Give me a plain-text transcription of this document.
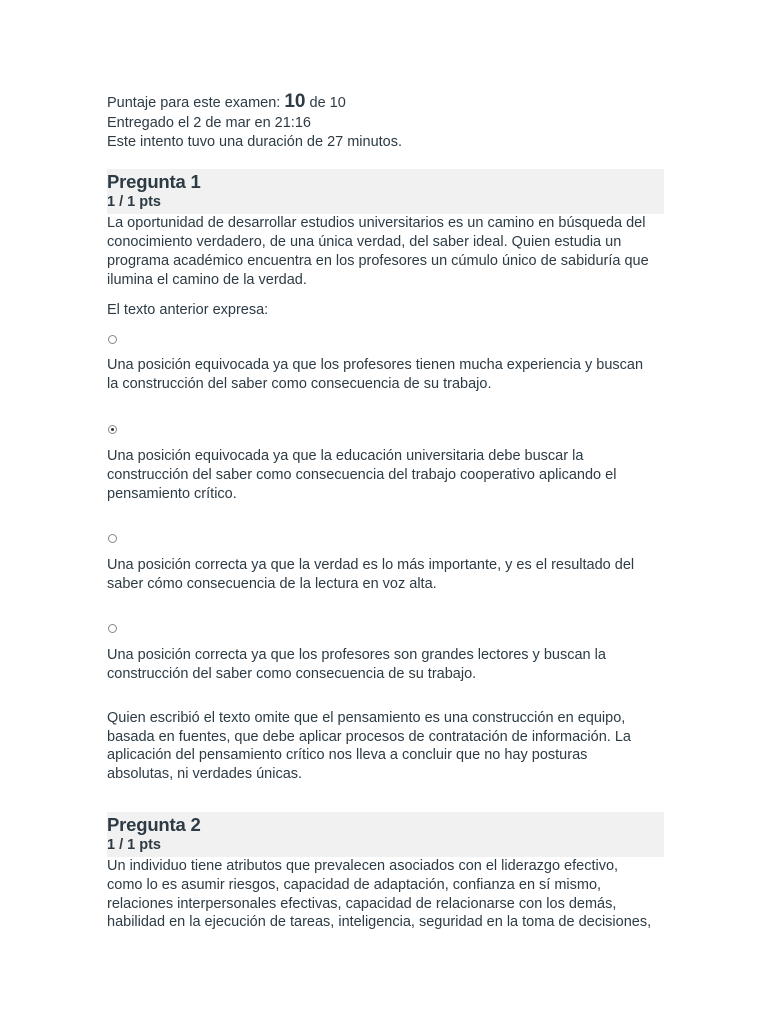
Puntaje para este examen: 10 de 10
Entregado el 2 de mar en 21:16
Este intento tuvo una duración de 27 minutos.
Pregunta 1
1 / 1 pts
La oportunidad de desarrollar estudios universitarios es un camino en búsqueda del
conocimiento verdadero, de una única verdad, del saber ideal. Quien estudia un
programa académico encuentra en los profesores un cúmulo único de sabiduría que
ilumina el camino de la verdad.
El texto anterior expresa:
Una posición equivocada ya que los profesores tienen mucha experiencia y buscan
la construcción del saber como consecuencia de su trabajo.
Una posición equivocada ya que la educación universitaria debe buscar la
construcción del saber como consecuencia del trabajo cooperativo aplicando el
pensamiento crítico.
Una posición correcta ya que la verdad es lo más importante, y es el resultado del
saber cómo consecuencia de la lectura en voz alta.
Una posición correcta ya que los profesores son grandes lectores y buscan la
construcción del saber como consecuencia de su trabajo.
Quien escribió el texto omite que el pensamiento es una construcción en equipo,
basada en fuentes, que debe aplicar procesos de contratación de información. La
aplicación del pensamiento crítico nos lleva a concluir que no hay posturas
absolutas, ni verdades únicas.
Pregunta 2
1 / 1 pts
Un individuo tiene atributos que prevalecen asociados con el liderazgo efectivo,
como lo es asumir riesgos, capacidad de adaptación, confianza en sí mismo,
relaciones interpersonales efectivas, capacidad de relacionarse con los demás,
habilidad en la ejecución de tareas, inteligencia, seguridad en la toma de decisiones,
